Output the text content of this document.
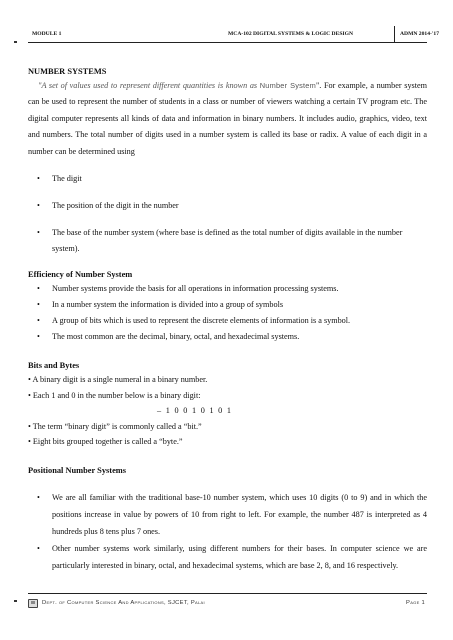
MODULE 1	MCA-102 DIGITAL SYSTEMS & LOGIC DESIGN	ADMN 2014-'17
NUMBER SYSTEMS

"A set of values used to represent different quantities is known as Number System". For example, a number system can be used to represent the number of students in a class or number of viewers watching a certain TV program etc. The digital computer represents all kinds of data and information in binary numbers. It includes audio, graphics, video, text and numbers. The total number of digits used in a number system is called its base or radix. A value of each digit in a number can be determined using

• The digit
• The position of the digit in the number
• The base of the number system (where base is defined as the total number of digits available in the number system).
Efficiency of Number System
• Number systems provide the basis for all operations in information processing systems.
• In a number system the information is divided into a group of symbols
• A group of bits which is used to represent the discrete elements of information is a symbol.
• The most common are the decimal, binary, octal, and hexadecimal systems.
Bits and Bytes

• A binary digit is a single numeral in a binary number.

• Each 1 and 0 in the number below is a binary digit:

– 1 0 0 1 0 1 0 1

• The term “binary digit” is commonly called a “bit.”

• Eight bits grouped together is called a “byte.”

Positional Number Systems
• We are all familiar with the traditional base-10 number system, which uses 10 digits (0 to 9) and in which the positions increase in value by powers of 10 from right to left. For example, the number 487 is interpreted as 4 hundreds plus 8 tens plus 7 ones.
• Other number systems work similarly, using different numbers for their bases. In computer science we are particularly interested in binary, octal, and hexadecimal systems, which are base 2, 8, and 16 respectively.
Dept. of Computer Science And Applications, SJCET, Palai	Page 1
